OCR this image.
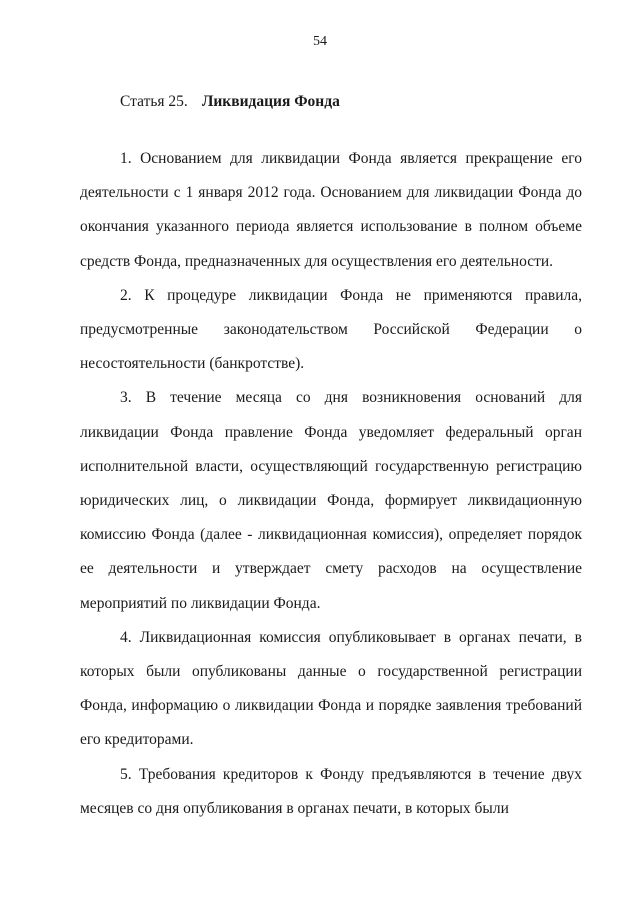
54
Статья 25. Ликвидация Фонда

1. Основанием для ликвидации Фонда является прекращение его деятельности с 1 января 2012 года. Основанием для ликвидации Фонда до окончания указанного периода является использование в полном объеме средств Фонда, предназначенных для осуществления его деятельности.

2. К процедуре ликвидации Фонда не применяются правила, предусмотренные законодательством Российской Федерации о несостоятельности (банкротстве).

3. В течение месяца со дня возникновения оснований для ликвидации Фонда правление Фонда уведомляет федеральный орган исполнительной власти, осуществляющий государственную регистрацию юридических лиц, о ликвидации Фонда, формирует ликвидационную комиссию Фонда (далее - ликвидационная комиссия), определяет порядок ее деятельности и утверждает смету расходов на осуществление мероприятий по ликвидации Фонда.

4. Ликвидационная комиссия опубликовывает в органах печати, в которых были опубликованы данные о государственной регистрации Фонда, информацию о ликвидации Фонда и порядке заявления требований его кредиторами.

5. Требования кредиторов к Фонду предъявляются в течение двух месяцев со дня опубликования в органах печати, в которых были
